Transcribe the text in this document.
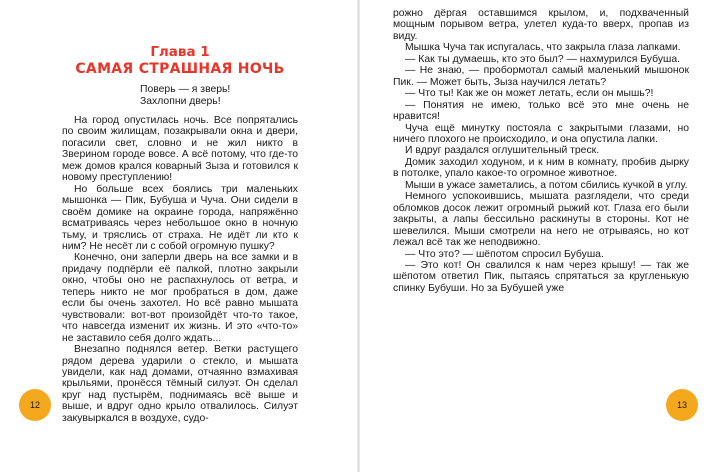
Глава 1
САМАЯ СТРАШНАЯ НОЧЬ
Поверь — я зверь!
Захлопни дверь!

На город опустилась ночь. Все попрятались по своим жилищам, позакрывали окна и двери, погасили свет, словно и не жил никто в Зверином городе вовсе. А всё потому, что где-то меж домов крался коварный Зыза и готовился к новому преступлению!

Но больше всех боялись три маленьких мышонка — Пик, Бубуша и Чуча. Они сидели в своём домике на окраине города, напряжённо всматриваясь через небольшое окно в ночную тьму, и тряслись от страха. Не идёт ли кто к ним? Не несёт ли с собой огромную пушку?

Конечно, они заперли дверь на все замки и в придачу подпёрли её палкой, плотно закрыли окно, чтобы оно не распахнулось от ветра, и теперь никто не мог пробраться в дом, даже если бы очень захотел. Но всё равно мышата чувствовали: вот-вот произойдёт что-то такое, что навсегда изменит их жизнь. И это «что-то» не заставило себя долго ждать...

Внезапно поднялся ветер. Ветки растущего рядом дерева ударили о стекло, и мышата увидели, как над домами, отчаянно взмахивая крыльями, пронёсся тёмный силуэт. Он сделал круг над пустырём, поднимаясь всё выше и выше, и вдруг одно крыло отвалилось. Силуэт закувыркался в воздухе, судо-

12

рожно дёргая оставшимся крылом, и, подхваченный мощным порывом ветра, улетел куда-то вверх, пропав из виду.

Мышка Чуча так испугалась, что закрыла глаза лапками.

— Как ты думаешь, кто это был? — нахмурился Бубуша.

— Не знаю, — пробормотал самый маленький мышонок Пик. — Может быть, Зыза научился летать?

— Что ты! Как же он может летать, если он мышь?!

— Понятия не имею, только всё это мне очень не нравится!

Чуча ещё минутку постояла с закрытыми глазами, но ничего плохого не происходило, и она опустила лапки.

И вдруг раздался оглушительный треск.

Домик заходил ходуном, и к ним в комнату, пробив дырку в потолке, упало какое-то огромное животное.

Мыши в ужасе заметались, а потом сбились кучкой в углу.

Немного успокоившись, мышата разглядели, что среди обломков досок лежит огромный рыжий кот. Глаза его были закрыты, а лапы бессильно раскинуты в стороны. Кот не шевелился. Мыши смотрели на него не отрываясь, но кот лежал всё так же неподвижно.

— Что это? — шёпотом спросил Бубуша.

— Это кот! Он свалился к нам через крышу! — так же шёпотом ответил Пик, пытаясь спрятаться за кругленькую спинку Бубуши. Но за Бубушей уже

13
